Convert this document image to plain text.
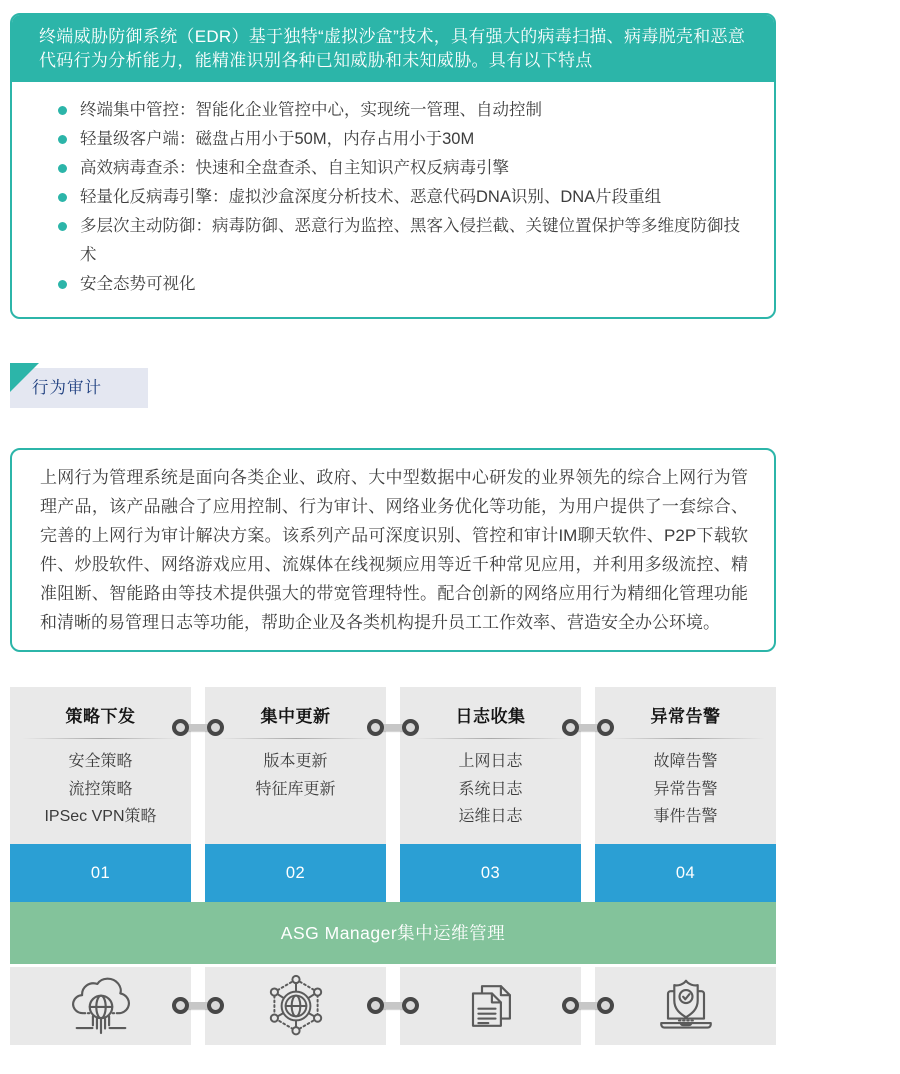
终端威胁防御系统（EDR）基于独特“虚拟沙盒”技术，具有强大的病毒扫描、病毒脱壳和恶意代码行为分析能力，能精准识别各种已知威胁和未知威胁。具有以下特点
终端集中管控：智能化企业管控中心，实现统一管理、自动控制
轻量级客户端：磁盘占用小于50M，内存占用小于30M
高效病毒查杀：快速和全盘查杀、自主知识产权反病毒引擎
轻量化反病毒引擎：虚拟沙盒深度分析技术、恶意代码DNA识别、DNA片段重组
多层次主动防御：病毒防御、恶意行为监控、黑客入侵拦截、关键位置保护等多维度防御技术
安全态势可视化
行为审计

上网行为管理系统是面向各类企业、政府、大中型数据中心研发的业界领先的综合上网行为管理产品，该产品融合了应用控制、行为审计、网络业务优化等功能，为用户提供了一套综合、完善的上网行为审计解决方案。该系列产品可深度识别、管控和审计IM聊天软件、P2P下载软件、炒股软件、网络游戏应用、流媒体在线视频应用等近千种常见应用，并利用多级流控、精准阻断、智能路由等技术提供强大的带宽管理特性。配合创新的网络应用行为精细化管理功能和清晰的易管理日志等功能，帮助企业及各类机构提升员工工作效率、营造安全办公环境。

策略下发
安全策略
流控策略
IPSec VPN策略
集中更新
版本更新
特征库更新
日志收集
上网日志
系统日志
运维日志
异常告警
故障告警
异常告警
事件告警
01	02	03	04
ASG Manager集中运维管理
